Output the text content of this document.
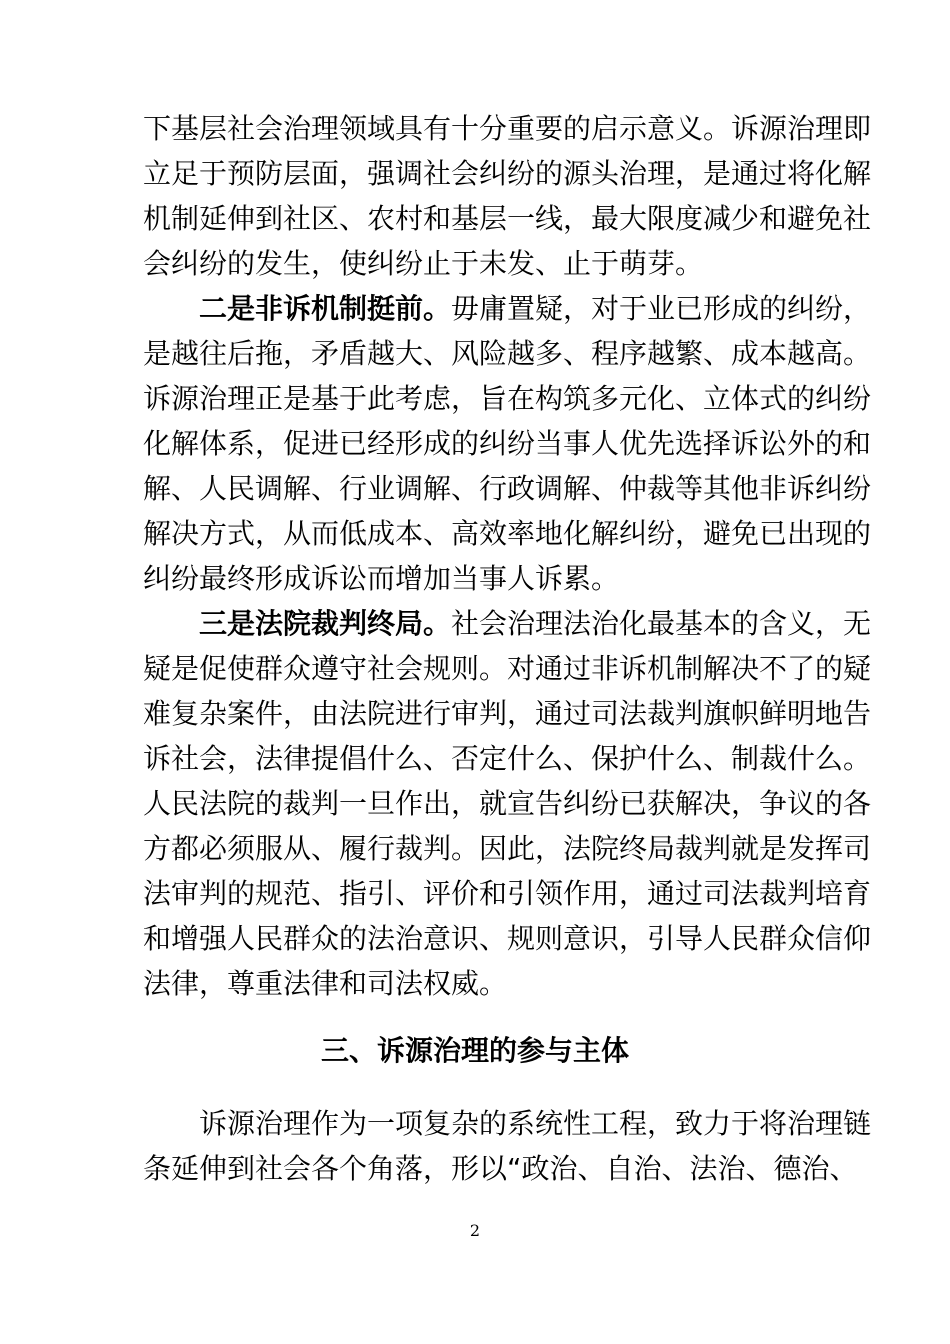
下基层社会治理领域具有十分重要的启示意义。诉源治理即
立足于预防层面，强调社会纠纷的源头治理，是通过将化解
机制延伸到社区、农村和基层一线，最大限度减少和避免社
会纠纷的发生，使纠纷止于未发、止于萌芽。
二是非诉机制挺前。毋庸置疑，对于业已形成的纠纷，
是越往后拖，矛盾越大、风险越多、程序越繁、成本越高。
诉源治理正是基于此考虑，旨在构筑多元化、立体式的纠纷
化解体系，促进已经形成的纠纷当事人优先选择诉讼外的和
解、人民调解、行业调解、行政调解、仲裁等其他非诉纠纷
解决方式，从而低成本、高效率地化解纠纷，避免已出现的
纠纷最终形成诉讼而增加当事人诉累。
三是法院裁判终局。社会治理法治化最基本的含义，无
疑是促使群众遵守社会规则。对通过非诉机制解决不了的疑
难复杂案件，由法院进行审判，通过司法裁判旗帜鲜明地告
诉社会，法律提倡什么、否定什么、保护什么、制裁什么。
人民法院的裁判一旦作出，就宣告纠纷已获解决，争议的各
方都必须服从、履行裁判。因此，法院终局裁判就是发挥司
法审判的规范、指引、评价和引领作用，通过司法裁判培育
和增强人民群众的法治意识、规则意识，引导人民群众信仰
法律，尊重法律和司法权威。
三、诉源治理的参与主体
诉源治理作为一项复杂的系统性工程，致力于将治理链
条延伸到社会各个角落，形以“政治、自治、法治、德治、
2
